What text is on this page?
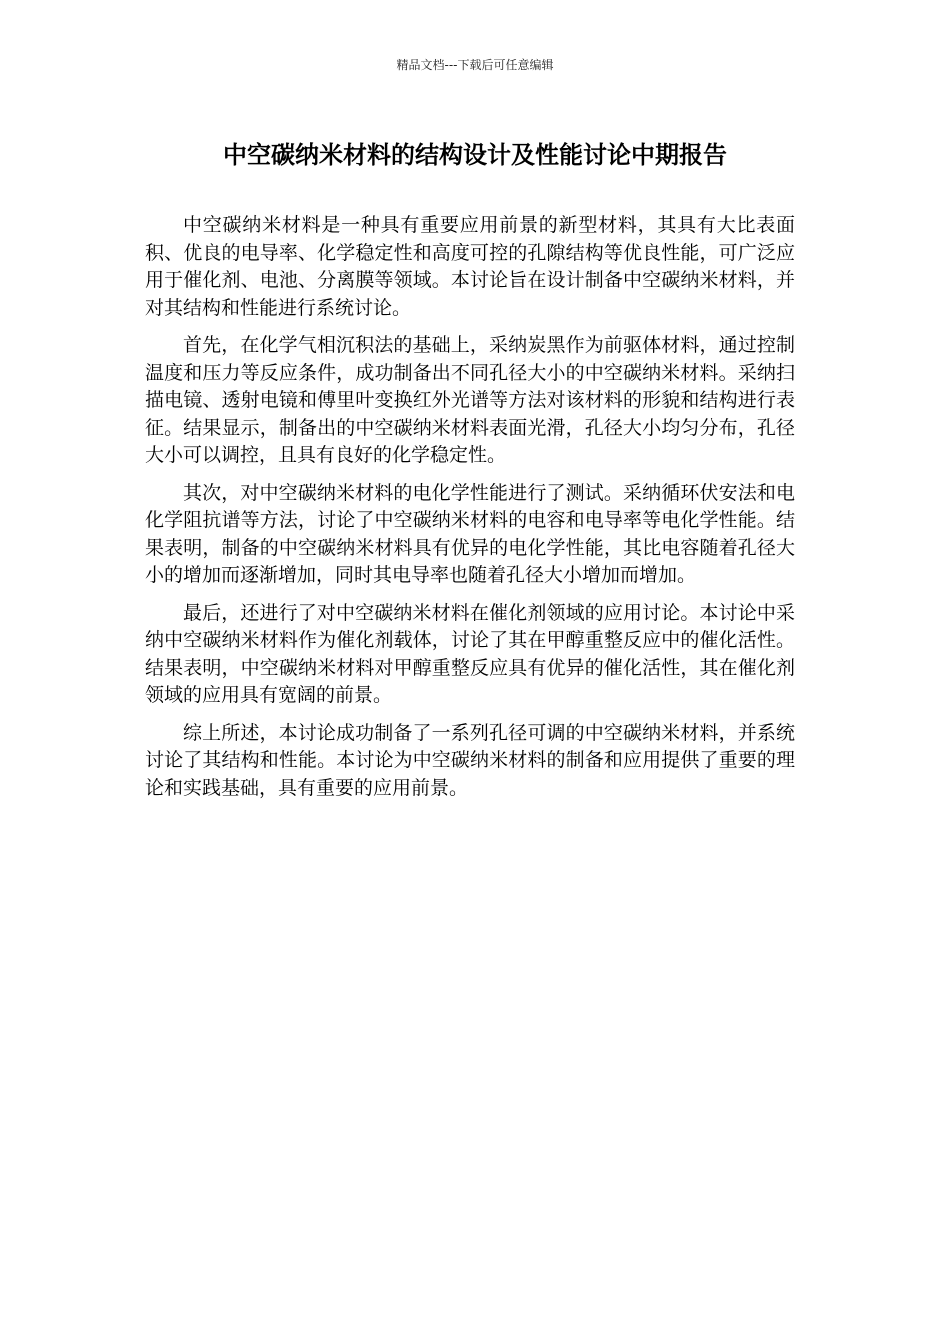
精品文档---下载后可任意编辑
中空碳纳米材料的结构设计及性能讨论中期报告

中空碳纳米材料是一种具有重要应用前景的新型材料，其具有大比表面积、优良的电导率、化学稳定性和高度可控的孔隙结构等优良性能，可广泛应用于催化剂、电池、分离膜等领域。本讨论旨在设计制备中空碳纳米材料，并对其结构和性能进行系统讨论。

首先，在化学气相沉积法的基础上，采纳炭黑作为前驱体材料，通过控制温度和压力等反应条件，成功制备出不同孔径大小的中空碳纳米材料。采纳扫描电镜、透射电镜和傅里叶变换红外光谱等方法对该材料的形貌和结构进行表征。结果显示，制备出的中空碳纳米材料表面光滑，孔径大小均匀分布，孔径大小可以调控，且具有良好的化学稳定性。

其次，对中空碳纳米材料的电化学性能进行了测试。采纳循环伏安法和电化学阻抗谱等方法，讨论了中空碳纳米材料的电容和电导率等电化学性能。结果表明，制备的中空碳纳米材料具有优异的电化学性能，其比电容随着孔径大小的增加而逐渐增加，同时其电导率也随着孔径大小增加而增加。

最后，还进行了对中空碳纳米材料在催化剂领域的应用讨论。本讨论中采纳中空碳纳米材料作为催化剂载体，讨论了其在甲醇重整反应中的催化活性。结果表明，中空碳纳米材料对甲醇重整反应具有优异的催化活性，其在催化剂领域的应用具有宽阔的前景。

综上所述，本讨论成功制备了一系列孔径可调的中空碳纳米材料，并系统讨论了其结构和性能。本讨论为中空碳纳米材料的制备和应用提供了重要的理论和实践基础，具有重要的应用前景。
